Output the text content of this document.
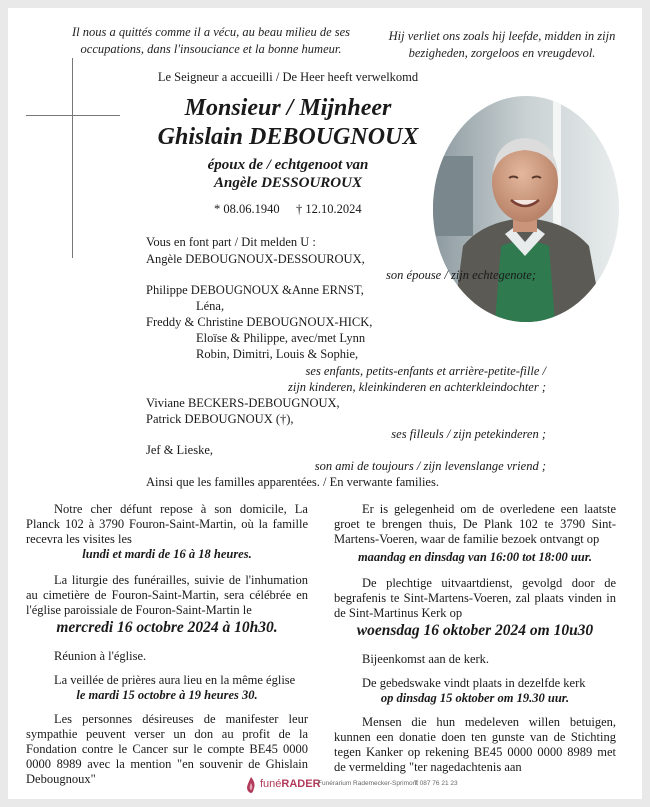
Il nous a quittés comme il a vécu, au beau milieu de ses occupations, dans l'insouciance et la bonne humeur.
Hij verliet ons zoals hij leefde, midden in zijn bezigheden, zorgeloos en vreugdevol.
Le Seigneur a accueilli / De Heer heeft verwelkomd
Monsieur / Mijnheer
Ghislain DEBOUGNOUX
époux de / echtgenoot van
Angèle DESSOUROUX
* 08.06.1940 † 12.10.2024
Vous en font part / Dit melden U :
Angèle DEBOUGNOUX-DESSOUROUX,
son épouse / zijn echtegenote;
Philippe DEBOUGNOUX &Anne ERNST,
Léna,
Freddy & Christine DEBOUGNOUX-HICK,
Eloïse & Philippe, avec/met Lynn
Robin, Dimitri, Louis & Sophie,
ses enfants, petits-enfants et arrière-petite-fille /
zijn kinderen, kleinkinderen en achterkleindochter ;
Viviane BECKERS-DEBOUGNOUX,
Patrick DEBOUGNOUX (†),
ses filleuls / zijn petekinderen ;
Jef & Lieske,
son ami de toujours / zijn levenslange vriend ;
Ainsi que les familles apparentées. / En verwante families.

Notre cher défunt repose à son domicile, La Planck 102 à 3790 Fouron-Saint-Martin, où la famille recevra les visites les

lundi et mardi de 16 à 18 heures.

La liturgie des funérailles, suivie de l'inhumation au cimetière de Fouron-Saint-Martin, sera célébrée en l'église paroissiale de Fouron-Saint-Martin le

mercredi 16 octobre 2024 à 10h30.

Réunion à l'église.

La veillée de prières aura lieu en la même église

le mardi 15 octobre à 19 heures 30.

Les personnes désireuses de manifester leur sympathie peuvent verser un don au profit de la Fondation contre le Cancer sur le compte BE45 0000 0000 8989 avec la mention "en souvenir de Ghislain Debougnoux"

Er is gelegenheid om de overledene een laatste groet te brengen thuis, De Plank 102 te 3790 Sint-Martens-Voeren, waar de familie bezoek ontvangt op

maandag en dinsdag van 16:00 tot 18:00 uur.

De plechtige uitvaartdienst, gevolgd door de begrafenis te Sint-Martens-Voeren, zal plaats vinden in de Sint-Martinus Kerk op

woensdag 16 oktober 2024 om 10u30

Bijeenkomst aan de kerk.

De gebedswake vindt plaats in dezelfde kerk

op dinsdag 15 oktober om 19.30 uur.

Mensen die hun medeleven willen betuigen, kunnen een donatie doen ten gunste van de Stichting tegen Kanker op rekening BE45 0000 0000 8989 met de vermelding "ter nagedachtenis aan

funéRADER
Funérarium Rademecker-Sprimont
T 087 76 21 23
